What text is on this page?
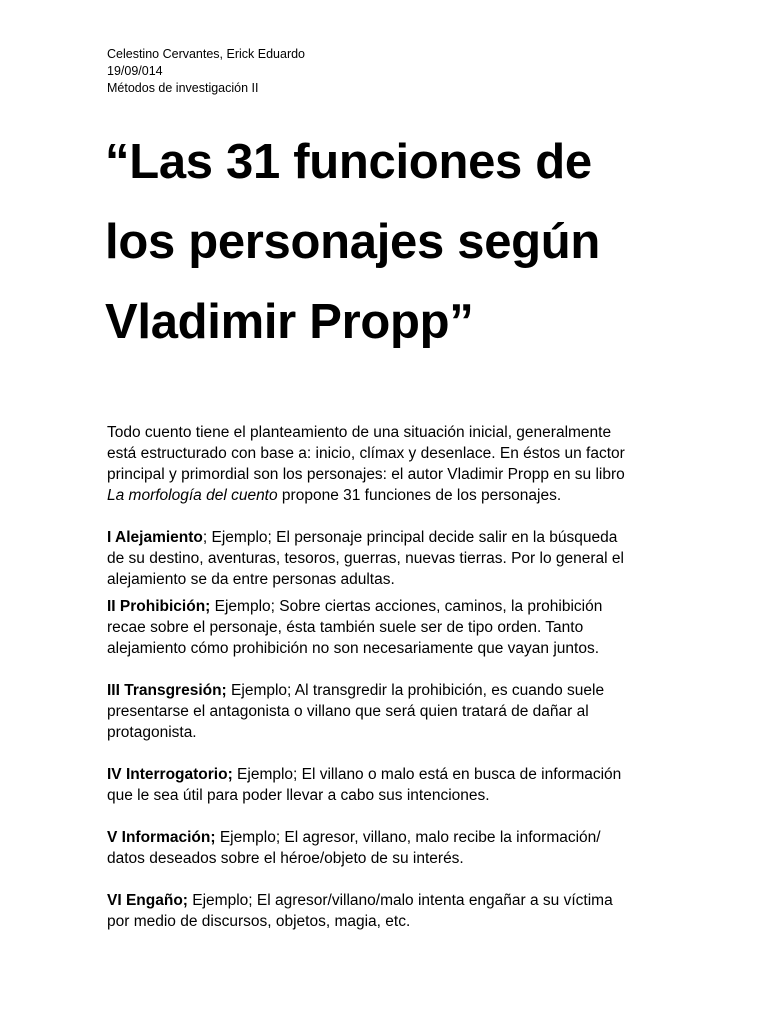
Celestino Cervantes, Erick Eduardo
19/09/014
Métodos de investigación II
“Las 31 funciones de
los personajes según
Vladimir Propp”

Todo cuento tiene el planteamiento de una situación inicial, generalmente
está estructurado con base a: inicio, clímax y desenlace. En éstos un factor
principal y primordial son los personajes: el autor Vladimir Propp en su libro
La morfología del cuento propone 31 funciones de los personajes.

I Alejamiento; Ejemplo; El personaje principal decide salir en la búsqueda
de su destino, aventuras, tesoros, guerras, nuevas tierras. Por lo general el
alejamiento se da entre personas adultas.

II Prohibición; Ejemplo; Sobre ciertas acciones, caminos, la prohibición
recae sobre el personaje, ésta también suele ser de tipo orden. Tanto
alejamiento cómo prohibición no son necesariamente que vayan juntos.

III Transgresión; Ejemplo; Al transgredir la prohibición, es cuando suele
presentarse el antagonista o villano que será quien tratará de dañar al
protagonista.

IV Interrogatorio; Ejemplo; El villano o malo está en busca de información
que le sea útil para poder llevar a cabo sus intenciones.

V Información; Ejemplo; El agresor, villano, malo recibe la información/
datos deseados sobre el héroe/objeto de su interés.

VI Engaño; Ejemplo; El agresor/villano/malo intenta engañar a su víctima
por medio de discursos, objetos, magia, etc.
